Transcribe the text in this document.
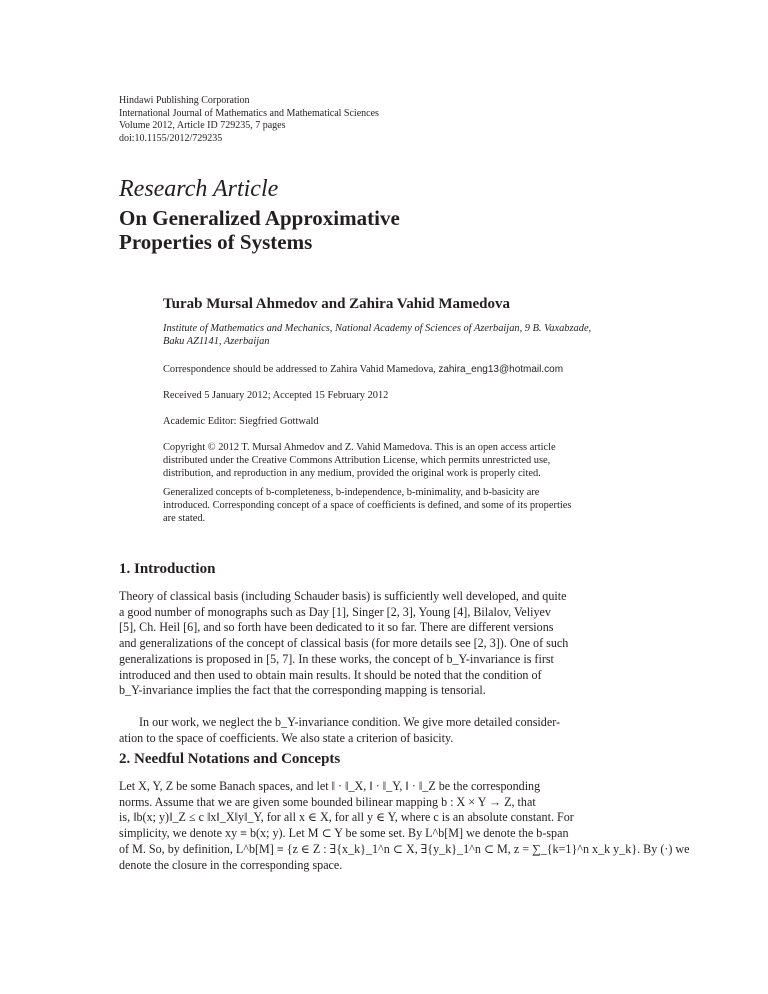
Hindawi Publishing Corporation
International Journal of Mathematics and Mathematical Sciences
Volume 2012, Article ID 729235, 7 pages
doi:10.1155/2012/729235
Research Article
On Generalized Approximative
Properties of Systems
Turab Mursal Ahmedov and Zahira Vahid Mamedova
Institute of Mathematics and Mechanics, National Academy of Sciences of Azerbaijan, 9 B. Vaxabzade,
Baku AZ1141, Azerbaijan
Correspondence should be addressed to Zahira Vahid Mamedova, zahira_eng13@hotmail.com
Received 5 January 2012; Accepted 15 February 2012
Academic Editor: Siegfried Gottwald
Copyright © 2012 T. Mursal Ahmedov and Z. Vahid Mamedova. This is an open access article
distributed under the Creative Commons Attribution License, which permits unrestricted use,
distribution, and reproduction in any medium, provided the original work is properly cited.
Generalized concepts of b-completeness, b-independence, b-minimality, and b-basicity are
introduced. Corresponding concept of a space of coefficients is defined, and some of its properties
are stated.
1. Introduction
Theory of classical basis (including Schauder basis) is sufficiently well developed, and quite
a good number of monographs such as Day [1], Singer [2, 3], Young [4], Bilalov, Veliyev
[5], Ch. Heil [6], and so forth have been dedicated to it so far. There are different versions
and generalizations of the concept of classical basis (for more details see [2, 3]). One of such
generalizations is proposed in [5, 7]. In these works, the concept of b_Y-invariance is first
introduced and then used to obtain main results. It should be noted that the condition of
b_Y-invariance implies the fact that the corresponding mapping is tensorial.
In our work, we neglect the b_Y-invariance condition. We give more detailed consider-
ation to the space of coefficients. We also state a criterion of basicity.
2. Needful Notations and Concepts
Let X, Y, Z be some Banach spaces, and let ‖ · ‖_X, ‖ · ‖_Y, ‖ · ‖_Z be the corresponding
norms. Assume that we are given some bounded bilinear mapping b : X × Y → Z, that
is, ‖b(x; y)‖_Z ≤ c ‖x‖_X‖y‖_Y, for all x ∈ X, for all y ∈ Y, where c is an absolute constant. For
simplicity, we denote xy ≡ b(x; y). Let M ⊂ Y be some set. By L^b[M] we denote the b-span
of M. So, by definition, L^b[M] ≡ {z ∈ Z : ∃{x_k}_1^n ⊂ X, ∃{y_k}_1^n ⊂ M, z = ∑_{k=1}^n x_k y_k}. By (·) we
denote the closure in the corresponding space.
